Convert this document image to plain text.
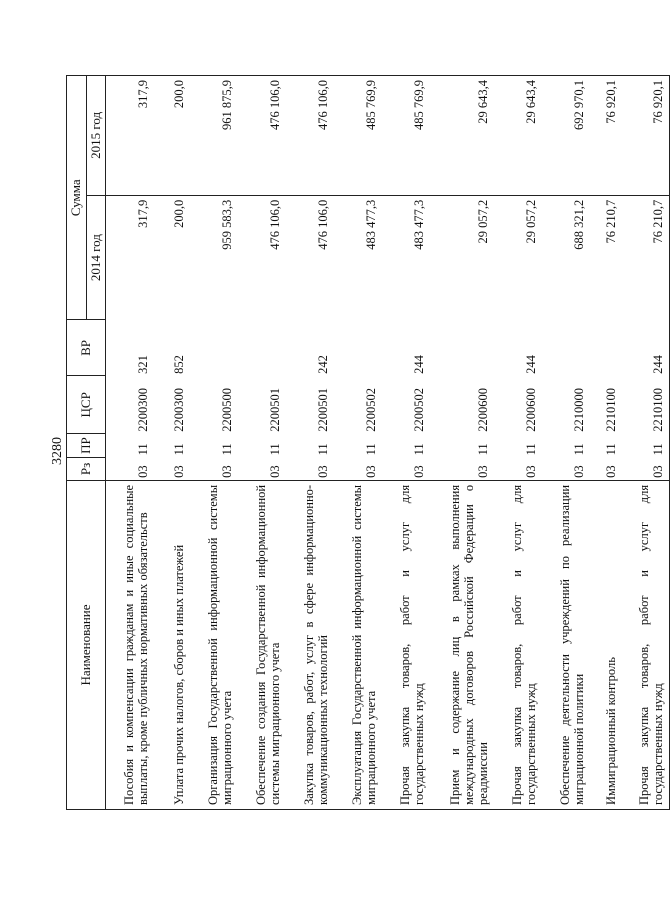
3280
Наименование	Рз	ПР	ЦСР	ВР	Сумма	
					2014 год	2015 год
Пособия и компенсации гражданам и иные социальные выплаты, кроме публичных нормативных обязательств	03	11	2200300	321	317,9	317,9
Уплата прочих налогов, сборов и иных платежей	03	11	2200300	852	200,0	200,0
Организация Государственной информационной системы миграционного учета	03	11	2200500		959 583,3	961 875,9
Обеспечение создания Государственной информационной системы миграционного учета	03	11	2200501		476 106,0	476 106,0
Закупка товаров, работ, услуг в сфере информационно-коммуникационных технологий	03	11	2200501	242	476 106,0	476 106,0
Эксплуатация Государственной информационной системы миграционного учета	03	11	2200502		483 477,3	485 769,9
Прочая закупка товаров, работ и услуг для государственных нужд	03	11	2200502	244	483 477,3	485 769,9
Прием и содержание лиц в рамках выполнения международных договоров Российской Федерации о реадмиссии	03	11	2200600		29 057,2	29 643,4
Прочая закупка товаров, работ и услуг для государственных нужд	03	11	2200600	244	29 057,2	29 643,4
Обеспечение деятельности учреждений по реализации миграционной политики	03	11	2210000		688 321,2	692 970,1
Иммиграционный контроль	03	11	2210100		76 210,7	76 920,1
Прочая закупка товаров, работ и услуг для государственных нужд	03	11	2210100	244	76 210,7	76 920,1
